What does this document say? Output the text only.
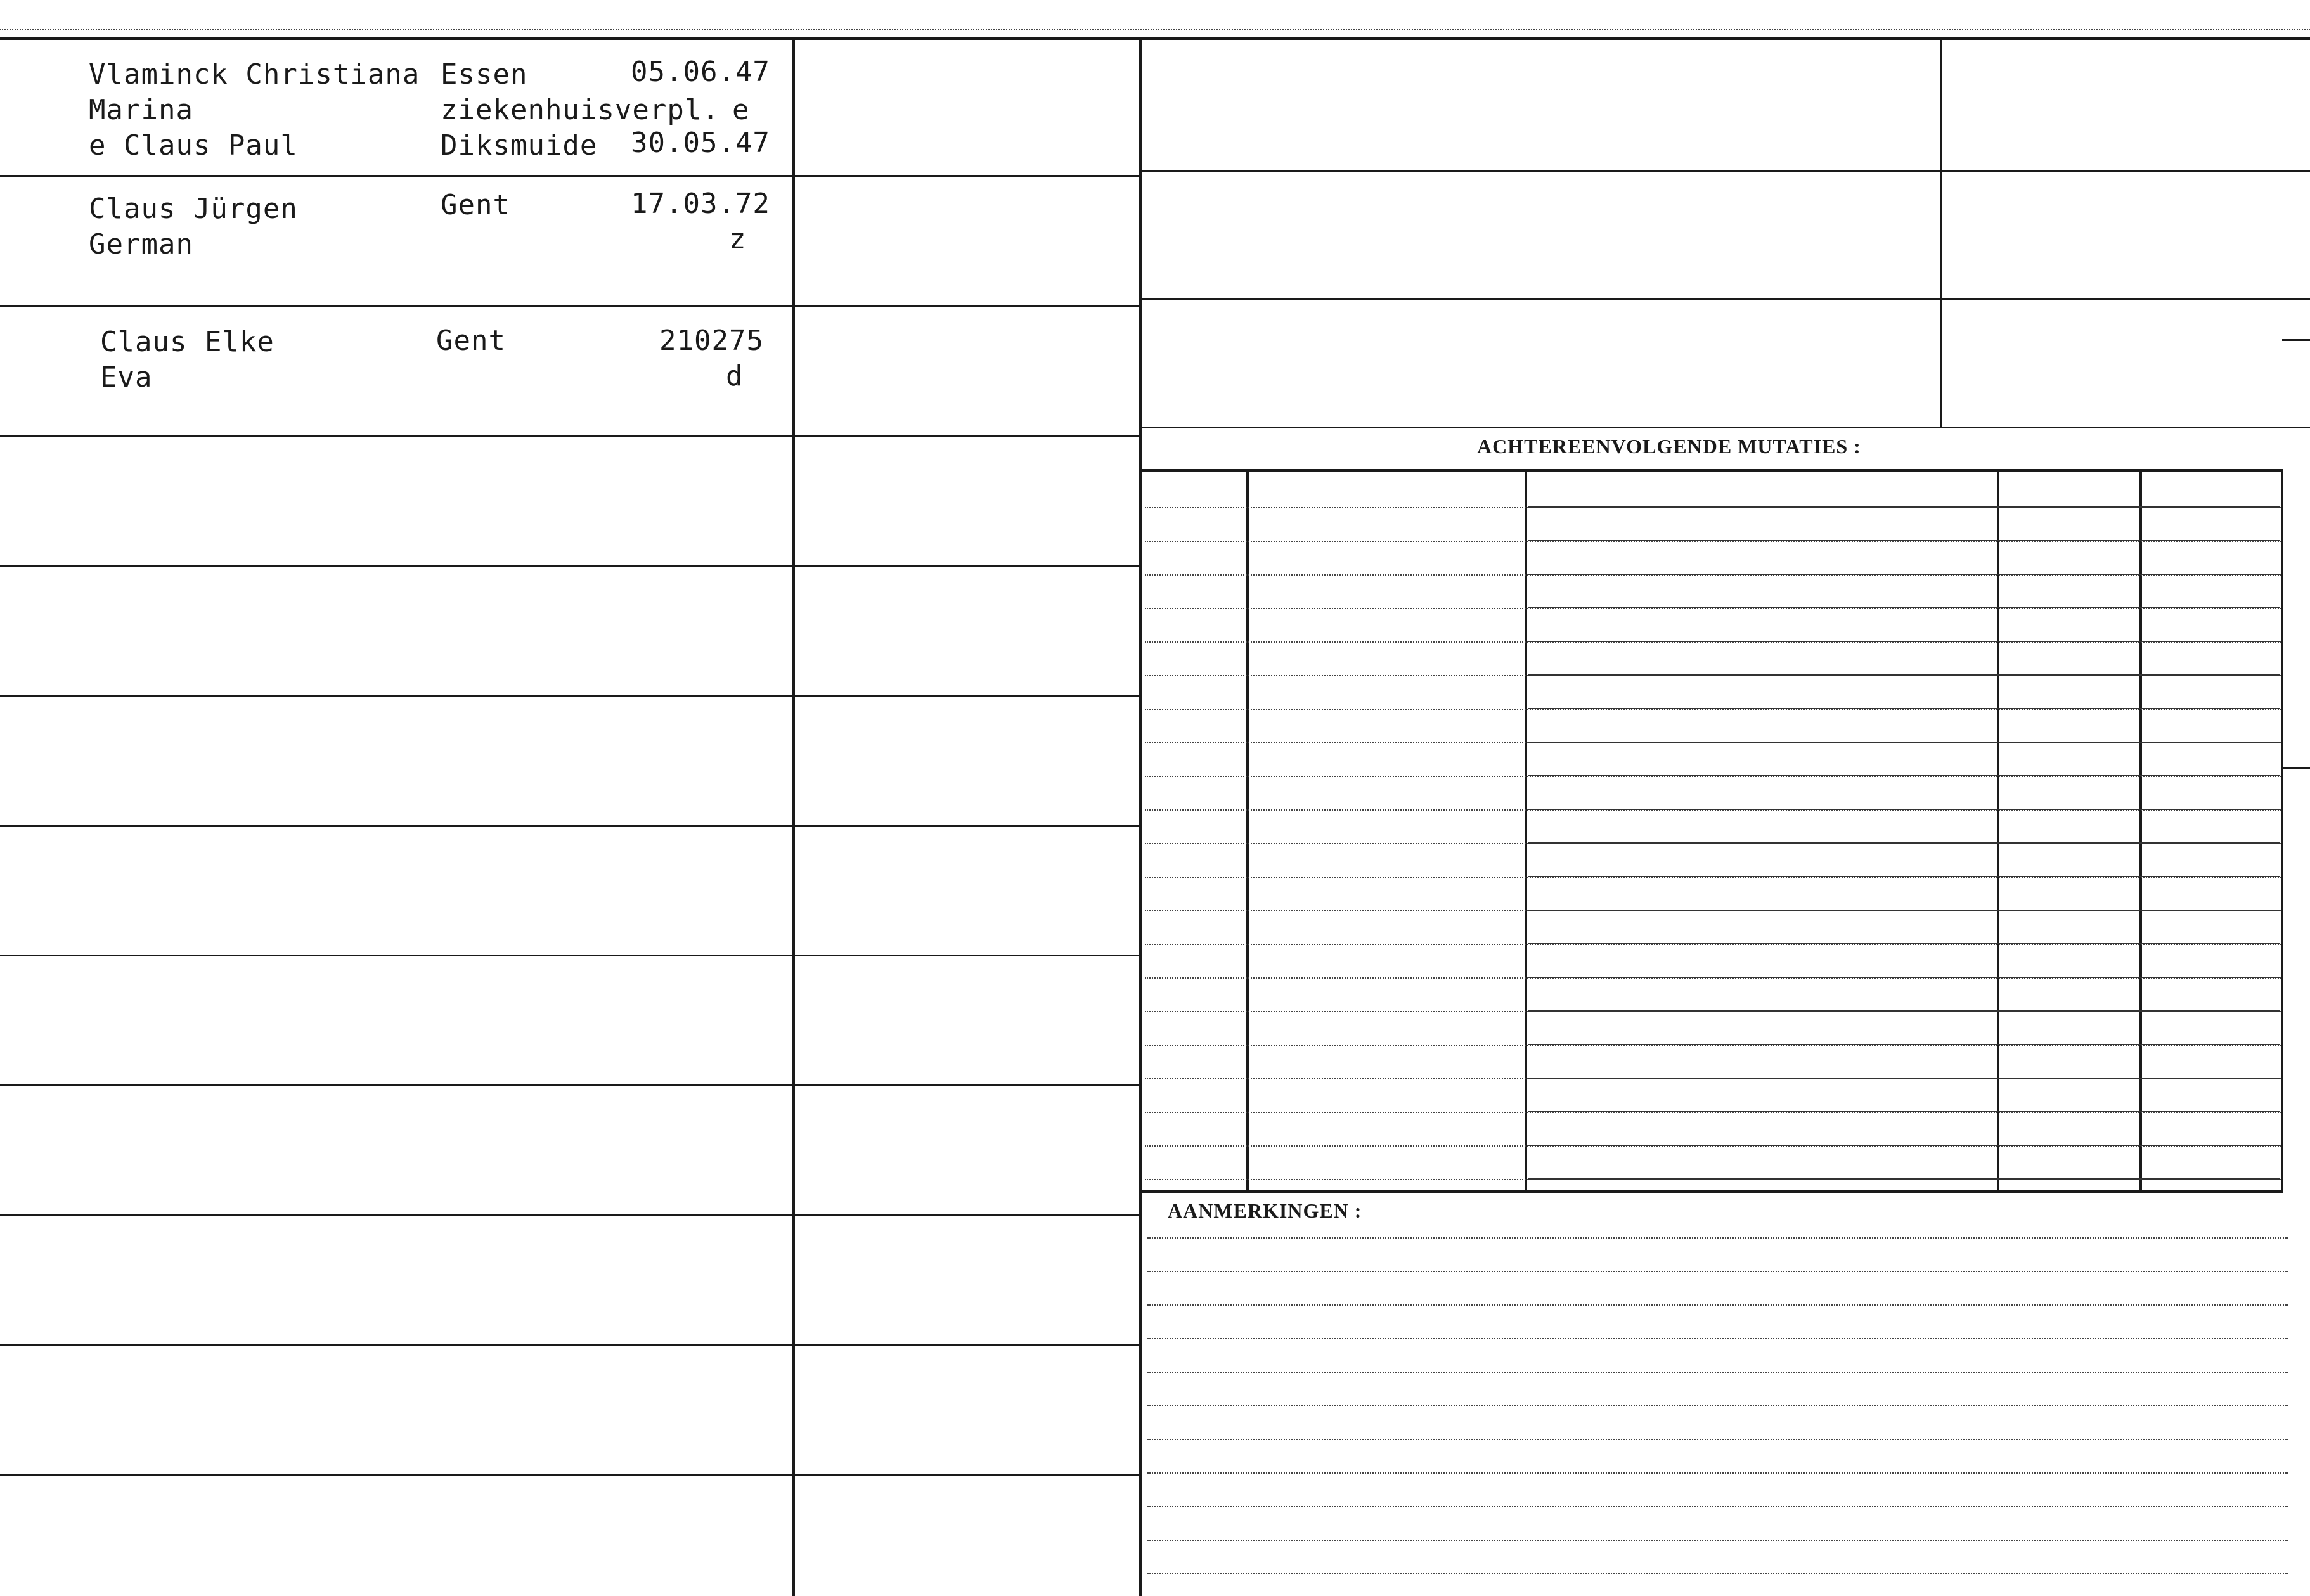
Vlaminck Christiana
Marina
e Claus Paul
Essen
ziekenhuisverpl.
Diksmuide
05.06.47
e
30.05.47
Claus Jürgen
German
Gent	17.03.72
z
Claus Elke
Eva
Gent	210275
d
ACHTEREENVOLGENDE MUTATIES :
AANMERKINGEN :
